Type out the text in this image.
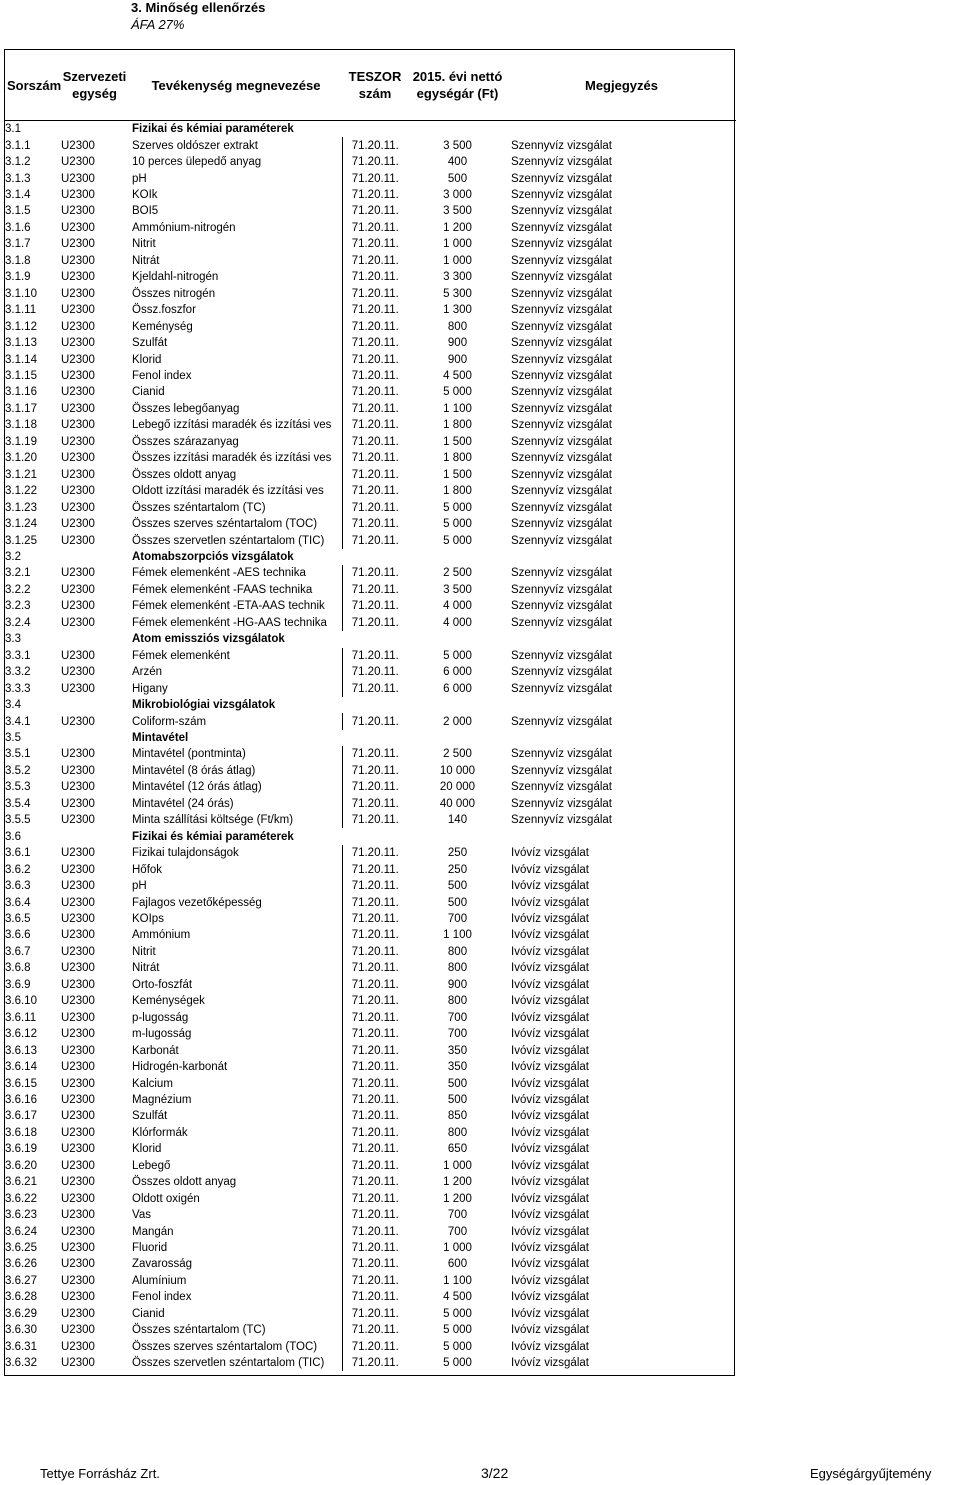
3. Minőség ellenőrzés
ÁFA 27%
Sorszám	Szervezeti egység	Tevékenység megnevezése	TESZOR szám	2015. évi nettó egységár (Ft)	Megjegyzés
3.1		Fizikai és kémiai paraméterek			
3.1.1	U2300	Szerves oldószer extrakt	71.20.11.	3 500	Szennyvíz vizsgálat
3.1.2	U2300	10 perces ülepedő anyag	71.20.11.	400	Szennyvíz vizsgálat
3.1.3	U2300	pH	71.20.11.	500	Szennyvíz vizsgálat
3.1.4	U2300	KOIk	71.20.11.	3 000	Szennyvíz vizsgálat
3.1.5	U2300	BOI5	71.20.11.	3 500	Szennyvíz vizsgálat
3.1.6	U2300	Ammónium-nitrogén	71.20.11.	1 200	Szennyvíz vizsgálat
3.1.7	U2300	Nitrit	71.20.11.	1 000	Szennyvíz vizsgálat
3.1.8	U2300	Nitrát	71.20.11.	1 000	Szennyvíz vizsgálat
3.1.9	U2300	Kjeldahl-nitrogén	71.20.11.	3 300	Szennyvíz vizsgálat
3.1.10	U2300	Összes nitrogén	71.20.11.	5 300	Szennyvíz vizsgálat
3.1.11	U2300	Össz.foszfor	71.20.11.	1 300	Szennyvíz vizsgálat
3.1.12	U2300	Keménység	71.20.11.	800	Szennyvíz vizsgálat
3.1.13	U2300	Szulfát	71.20.11.	900	Szennyvíz vizsgálat
3.1.14	U2300	Klorid	71.20.11.	900	Szennyvíz vizsgálat
3.1.15	U2300	Fenol index	71.20.11.	4 500	Szennyvíz vizsgálat
3.1.16	U2300	Cianid	71.20.11.	5 000	Szennyvíz vizsgálat
3.1.17	U2300	Összes lebegőanyag	71.20.11.	1 100	Szennyvíz vizsgálat
3.1.18	U2300	Lebegő izzítási maradék és izzítási ves	71.20.11.	1 800	Szennyvíz vizsgálat
3.1.19	U2300	Összes szárazanyag	71.20.11.	1 500	Szennyvíz vizsgálat
3.1.20	U2300	Összes izzítási maradék és izzítási ves	71.20.11.	1 800	Szennyvíz vizsgálat
3.1.21	U2300	Összes oldott anyag	71.20.11.	1 500	Szennyvíz vizsgálat
3.1.22	U2300	Oldott izzítási maradék és izzítási ves	71.20.11.	1 800	Szennyvíz vizsgálat
3.1.23	U2300	Összes széntartalom (TC)	71.20.11.	5 000	Szennyvíz vizsgálat
3.1.24	U2300	Összes szerves széntartalom (TOC)	71.20.11.	5 000	Szennyvíz vizsgálat
3.1.25	U2300	Összes szervetlen széntartalom (TIC)	71.20.11.	5 000	Szennyvíz vizsgálat
3.2		Atomabszorpciós vizsgálatok			
3.2.1	U2300	Fémek elemenként -AES technika	71.20.11.	2 500	Szennyvíz vizsgálat
3.2.2	U2300	Fémek elemenként -FAAS technika	71.20.11.	3 500	Szennyvíz vizsgálat
3.2.3	U2300	Fémek elemenként -ETA-AAS technik	71.20.11.	4 000	Szennyvíz vizsgálat
3.2.4	U2300	Fémek elemenként -HG-AAS technika	71.20.11.	4 000	Szennyvíz vizsgálat
3.3		Atom emissziós vizsgálatok			
3.3.1	U2300	Fémek elemenként	71.20.11.	5 000	Szennyvíz vizsgálat
3.3.2	U2300	Arzén	71.20.11.	6 000	Szennyvíz vizsgálat
3.3.3	U2300	Higany	71.20.11.	6 000	Szennyvíz vizsgálat
3.4		Mikrobiológiai vizsgálatok			
3.4.1	U2300	Coliform-szám	71.20.11.	2 000	Szennyvíz vizsgálat
3.5		Mintavétel			
3.5.1	U2300	Mintavétel (pontminta)	71.20.11.	2 500	Szennyvíz vizsgálat
3.5.2	U2300	Mintavétel (8 órás átlag)	71.20.11.	10 000	Szennyvíz vizsgálat
3.5.3	U2300	Mintavétel (12 órás átlag)	71.20.11.	20 000	Szennyvíz vizsgálat
3.5.4	U2300	Mintavétel (24 órás)	71.20.11.	40 000	Szennyvíz vizsgálat
3.5.5	U2300	Minta szállítási költsége (Ft/km)	71.20.11.	140	Szennyvíz vizsgálat
3.6		Fizikai és kémiai paraméterek			
3.6.1	U2300	Fizikai tulajdonságok	71.20.11.	250	Ivóvíz vizsgálat
3.6.2	U2300	Hőfok	71.20.11.	250	Ivóvíz vizsgálat
3.6.3	U2300	pH	71.20.11.	500	Ivóvíz vizsgálat
3.6.4	U2300	Fajlagos vezetőképesség	71.20.11.	500	Ivóvíz vizsgálat
3.6.5	U2300	KOIps	71.20.11.	700	Ivóvíz vizsgálat
3.6.6	U2300	Ammónium	71.20.11.	1 100	Ivóvíz vizsgálat
3.6.7	U2300	Nitrit	71.20.11.	800	Ivóvíz vizsgálat
3.6.8	U2300	Nitrát	71.20.11.	800	Ivóvíz vizsgálat
3.6.9	U2300	Orto-foszfát	71.20.11.	900	Ivóvíz vizsgálat
3.6.10	U2300	Keménységek	71.20.11.	800	Ivóvíz vizsgálat
3.6.11	U2300	p-lugosság	71.20.11.	700	Ivóvíz vizsgálat
3.6.12	U2300	m-lugosság	71.20.11.	700	Ivóvíz vizsgálat
3.6.13	U2300	Karbonát	71.20.11.	350	Ivóvíz vizsgálat
3.6.14	U2300	Hidrogén-karbonát	71.20.11.	350	Ivóvíz vizsgálat
3.6.15	U2300	Kalcium	71.20.11.	500	Ivóvíz vizsgálat
3.6.16	U2300	Magnézium	71.20.11.	500	Ivóvíz vizsgálat
3.6.17	U2300	Szulfát	71.20.11.	850	Ivóvíz vizsgálat
3.6.18	U2300	Klórformák	71.20.11.	800	Ivóvíz vizsgálat
3.6.19	U2300	Klorid	71.20.11.	650	Ivóvíz vizsgálat
3.6.20	U2300	Lebegő	71.20.11.	1 000	Ivóvíz vizsgálat
3.6.21	U2300	Összes oldott anyag	71.20.11.	1 200	Ivóvíz vizsgálat
3.6.22	U2300	Oldott oxigén	71.20.11.	1 200	Ivóvíz vizsgálat
3.6.23	U2300	Vas	71.20.11.	700	Ivóvíz vizsgálat
3.6.24	U2300	Mangán	71.20.11.	700	Ivóvíz vizsgálat
3.6.25	U2300	Fluorid	71.20.11.	1 000	Ivóvíz vizsgálat
3.6.26	U2300	Zavarosság	71.20.11.	600	Ivóvíz vizsgálat
3.6.27	U2300	Alumínium	71.20.11.	1 100	Ivóvíz vizsgálat
3.6.28	U2300	Fenol index	71.20.11.	4 500	Ivóvíz vizsgálat
3.6.29	U2300	Cianid	71.20.11.	5 000	Ivóvíz vizsgálat
3.6.30	U2300	Összes széntartalom (TC)	71.20.11.	5 000	Ivóvíz vizsgálat
3.6.31	U2300	Összes szerves széntartalom (TOC)	71.20.11.	5 000	Ivóvíz vizsgálat
3.6.32	U2300	Összes szervetlen széntartalom (TIC)	71.20.11.	5 000	Ivóvíz vizsgálat
Tettye Forrásház Zrt.	3/22	Egységárgyűjtemény
